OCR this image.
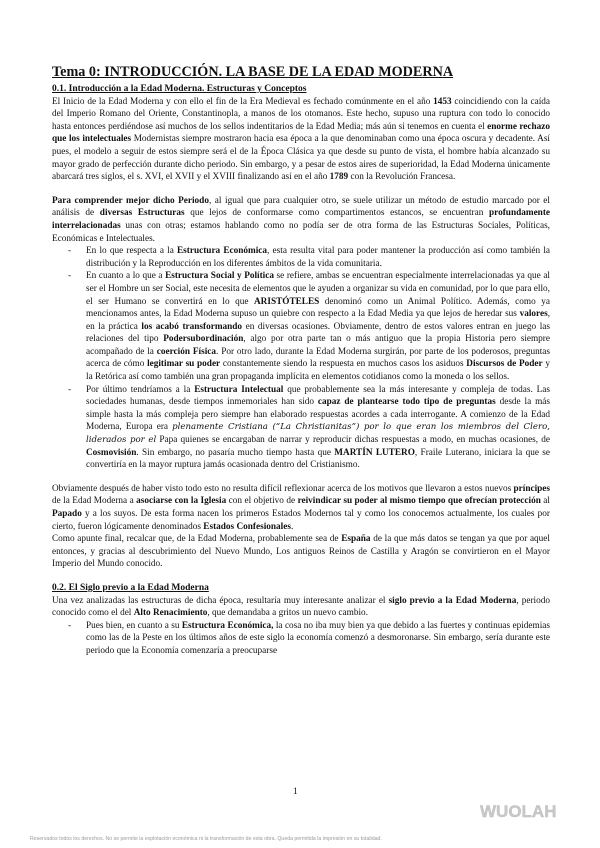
Tema 0: INTRODUCCIÓN. LA BASE DE LA EDAD MODERNA
0.1. Introducción a la Edad Moderna. Estructuras y Conceptos

El Inicio de la Edad Moderna y con ello el fin de la Era Medieval es fechado comúnmente en el año 1453 coincidiendo con la caída del Imperio Romano del Oriente, Constantinopla, a manos de los otomanos. Este hecho, supuso una ruptura con todo lo conocido hasta entonces perdiéndose así muchos de los sellos indentitarios de la Edad Media; más aún si tenemos en cuenta el enorme rechazo que los intelectuales Modernistas siempre mostraron hacia esa época a la que denominaban como una época oscura y decadente. Así pues, el modelo a seguir de estos siempre será el de la Época Clásica ya que desde su punto de vista, el hombre había alcanzado su mayor grado de perfección durante dicho periodo. Sin embargo, y a pesar de estos aires de superioridad, la Edad Moderna únicamente abarcará tres siglos, el s. XVI, el XVII y el XVIII finalizando así en el año 1789 con la Revolución Francesa.

Para comprender mejor dicho Periodo, al igual que para cualquier otro, se suele utilizar un método de estudio marcado por el análisis de diversas Estructuras que lejos de conformarse como compartimentos estancos, se encuentran profundamente interrelacionadas unas con otras; estamos hablando como no podía ser de otra forma de las Estructuras Sociales, Políticas, Económicas e Intelectuales.

- En lo que respecta a la Estructura Económica, esta resulta vital para poder mantener la producción así como también la distribución y la Reproducción en los diferentes ámbitos de la vida comunitaria.
- En cuanto a lo que a Estructura Social y Política se refiere, ambas se encuentran especialmente interrelacionadas ya que al ser el Hombre un ser Social, este necesita de elementos que le ayuden a organizar su vida en comunidad, por lo que para ello, el ser Humano se convertirá en lo que ARISTÓTELES denominó como un Animal Político. Además, como ya mencionamos antes, la Edad Moderna supuso un quiebre con respecto a la Edad Media ya que lejos de heredar sus valores, en la práctica los acabó transformando en diversas ocasiones. Obviamente, dentro de estos valores entran en juego las relaciones del tipo Podersubordinación, algo por otra parte tan o más antiguo que la propia Historia pero siempre acompañado de la coerción Física. Por otro lado, durante la Edad Moderna surgirán, por parte de los poderosos, preguntas acerca de cómo legitimar su poder constantemente siendo la respuesta en muchos casos los asiduos Discursos de Poder y la Retórica así como también una gran propaganda implícita en elementos cotidianos como la moneda o los sellos.
- Por último tendríamos a la Estructura Intelectual que probablemente sea la más interesante y compleja de todas. Las sociedades humanas, desde tiempos inmemoriales han sido capaz de plantearse todo tipo de preguntas desde la más simple hasta la más compleja pero siempre han elaborado respuestas acordes a cada interrogante. A comienzo de la Edad Moderna, Europa era plenamente Cristiana (“La Christianitas”) por lo que eran los miembros del Clero, liderados por el Papa quienes se encargaban de narrar y reproducir dichas respuestas a modo, en muchas ocasiones, de Cosmovisión. Sin embargo, no pasaría mucho tiempo hasta que MARTÍN LUTERO, Fraile Luterano, iniciara la que se convertiría en la mayor ruptura jamás ocasionada dentro del Cristianismo.

Obviamente después de haber visto todo esto no resulta difícil reflexionar acerca de los motivos que llevaron a estos nuevos príncipes de la Edad Moderna a asociarse con la Iglesia con el objetivo de reivindicar su poder al mismo tiempo que ofrecían protección al Papado y a los suyos. De esta forma nacen los primeros Estados Modernos tal y como los conocemos actualmente, los cuales por cierto, fueron lógicamente denominados Estados Confesionales.

Como apunte final, recalcar que, de la Edad Moderna, probablemente sea de España de la que más datos se tengan ya que por aquel entonces, y gracias al descubrimiento del Nuevo Mundo, Los antiguos Reinos de Castilla y Aragón se convirtieron en el Mayor Imperio del Mundo conocido.

0.2. El Siglo previo a la Edad Moderna

Una vez analizadas las estructuras de dicha época, resultaría muy interesante analizar el siglo previo a la Edad Moderna, periodo conocido como el del Alto Renacimiento, que demandaba a gritos un nuevo cambio.

- Pues bien, en cuanto a su Estructura Económica, la cosa no iba muy bien ya que debido a las fuertes y continuas epidemias como las de la Peste en los últimos años de este siglo la economía comenzó a desmoronarse. Sin embargo, sería durante este periodo que la Economía comenzaría a preocuparse
1
WUOLAH
Reservados todos los derechos. No se permite la explotación económica ni la transformación de esta obra. Queda permitida la impresión en su totalidad.
